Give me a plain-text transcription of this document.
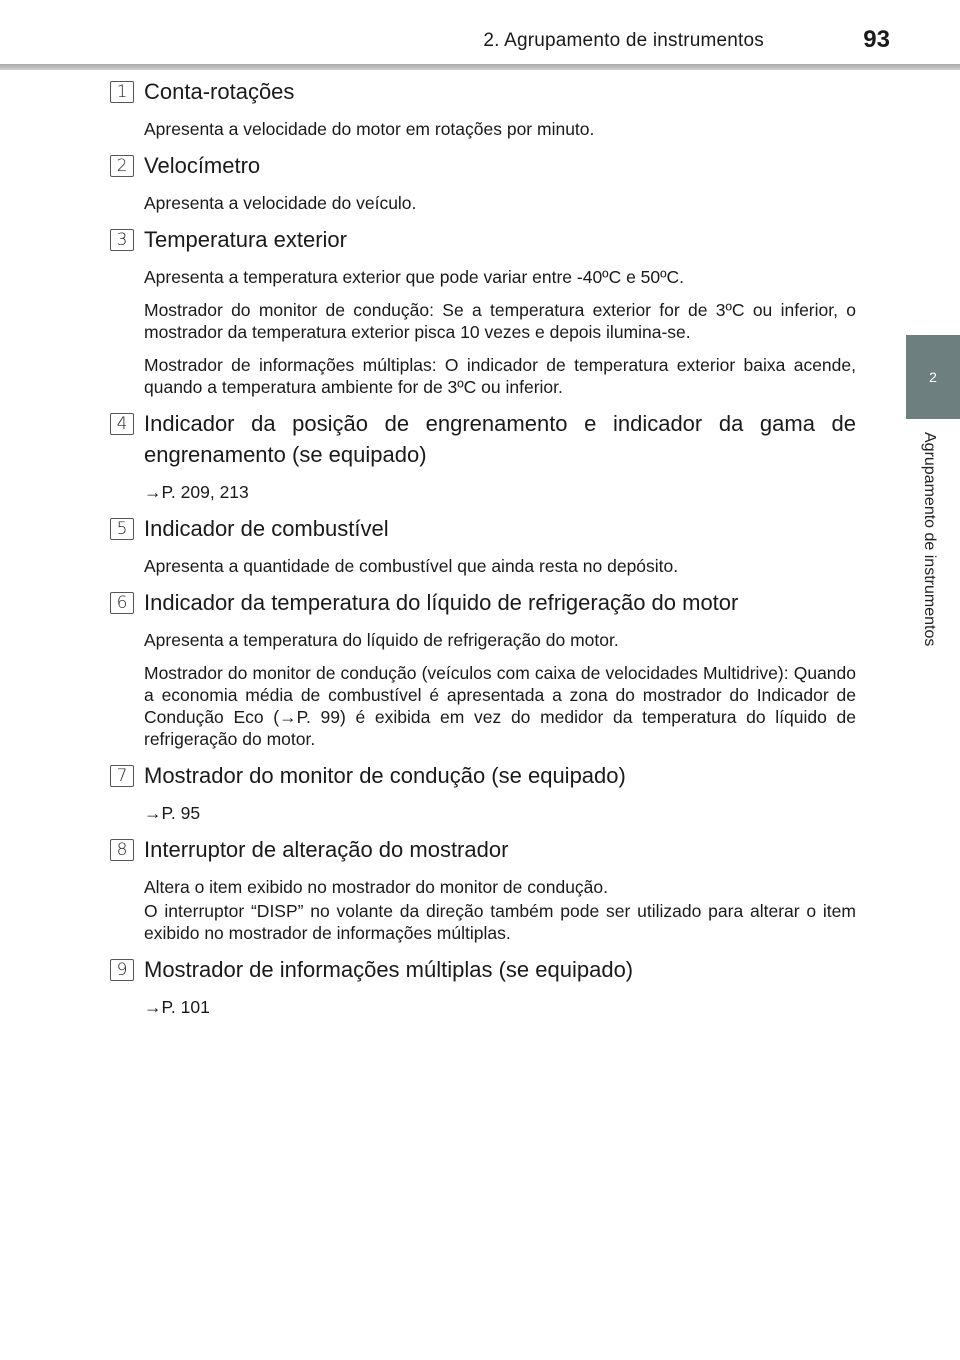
2. Agrupamento de instrumentos	93
2
Agrupamento de instrumentos
1 Conta-rotações

Apresenta a velocidade do motor em rotações por minuto.

2 Velocímetro

Apresenta a velocidade do veículo.

3 Temperatura exterior

Apresenta a temperatura exterior que pode variar entre -40ºC e 50ºC.

Mostrador do monitor de condução: Se a temperatura exterior for de 3ºC ou inferior, o mostrador da temperatura exterior pisca 10 vezes e depois ilumina-se.

Mostrador de informações múltiplas: O indicador de temperatura exterior baixa acende, quando a temperatura ambiente for de 3ºC ou inferior.

4 Indicador da posição de engrenamento e indicador da gama de engrenamento (se equipado)

→P. 209, 213

5 Indicador de combustível

Apresenta a quantidade de combustível que ainda resta no depósito.

6 Indicador da temperatura do líquido de refrigeração do motor

Apresenta a temperatura do líquido de refrigeração do motor.

Mostrador do monitor de condução (veículos com caixa de velocidades Multidrive): Quando a economia média de combustível é apresentada a zona do mostrador do Indicador de Condução Eco (→P. 99) é exibida em vez do medidor da temperatura do líquido de refrigeração do motor.

7 Mostrador do monitor de condução (se equipado)

→P. 95

8 Interruptor de alteração do mostrador

Altera o item exibido no mostrador do monitor de condução.

O interruptor “DISP” no volante da direção também pode ser utilizado para alterar o item exibido no mostrador de informações múltiplas.

9 Mostrador de informações múltiplas (se equipado)

→P. 101
